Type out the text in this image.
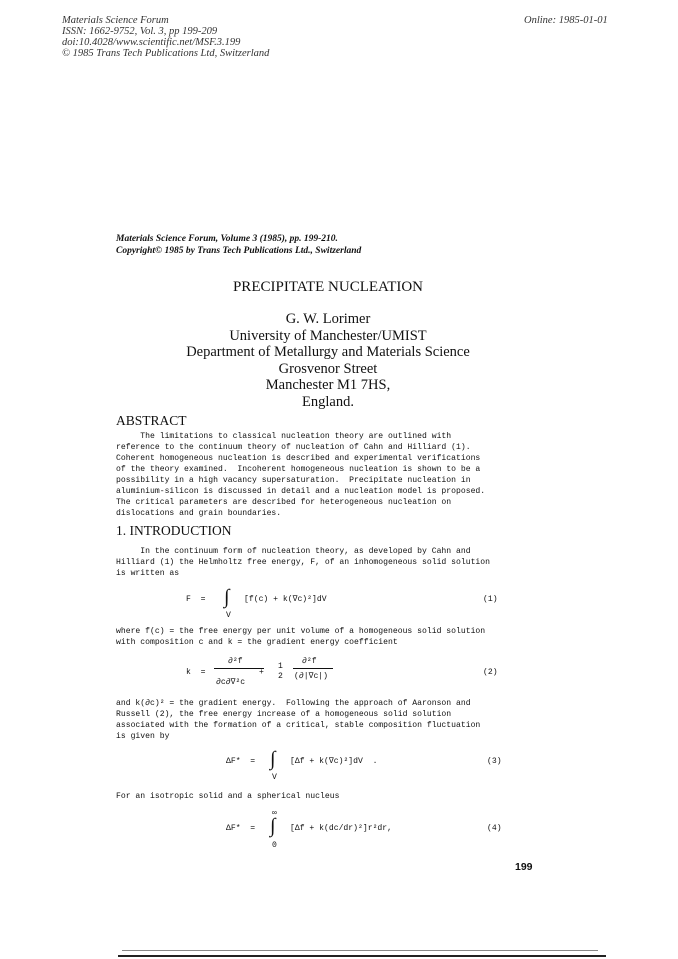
Materials Science Forum
ISSN: 1662-9752, Vol. 3, pp 199-209
doi:10.4028/www.scientific.net/MSF.3.199
© 1985 Trans Tech Publications Ltd, Switzerland
Online: 1985-01-01
Materials Science Forum, Volume 3 (1985), pp. 199-210.
Copyright© 1985 by Trans Tech Publications Ltd., Switzerland
PRECIPITATE NUCLEATION
G. W. Lorimer
University of Manchester/UMIST
Department of Metallurgy and Materials Science
Grosvenor Street
Manchester M1 7HS,
England.
ABSTRACT
The limitations to classical nucleation theory are outlined with
reference to the continuum theory of nucleation of Cahn and Hilliard (1).
Coherent homogeneous nucleation is described and experimental verifications
of the theory examined.  Incoherent homogeneous nucleation is shown to be a
possibility in a high vacancy supersaturation.  Precipitate nucleation in
aluminium-silicon is discussed in detail and a nucleation model is proposed.
The critical parameters are described for heterogeneous nucleation on
dislocations and grain boundaries.
1. INTRODUCTION
In the continuum form of nucleation theory, as developed by Cahn and
Hilliard (1) the Helmholtz free energy, F, of an inhomogeneous solid solution
is written as
F = ∫ [f(c) + k(∇c)²]dV
V
(1)
where f(c) = the free energy per unit volume of a homogeneous solid solution
with composition c and k = the gradient energy coefficient
k =
∂²f
∂c∂∇²c
+
1
2
∂²f
(∂|∇c|)	(2)
and k(∂c)² = the gradient energy.  Following the approach of Aaronson and
Russell (2), the free energy increase of a homogeneous solid solution
associated with the formation of a critical, stable composition fluctuation
is given by
ΔF* = ∫ [Δf + k(∇c)²]dV  .
V
(3)
For an isotropic solid and a spherical nucleus
∞
ΔF* = ∫ [Δf + k(dc/dr)²]r²dr,
0
(4)
199
